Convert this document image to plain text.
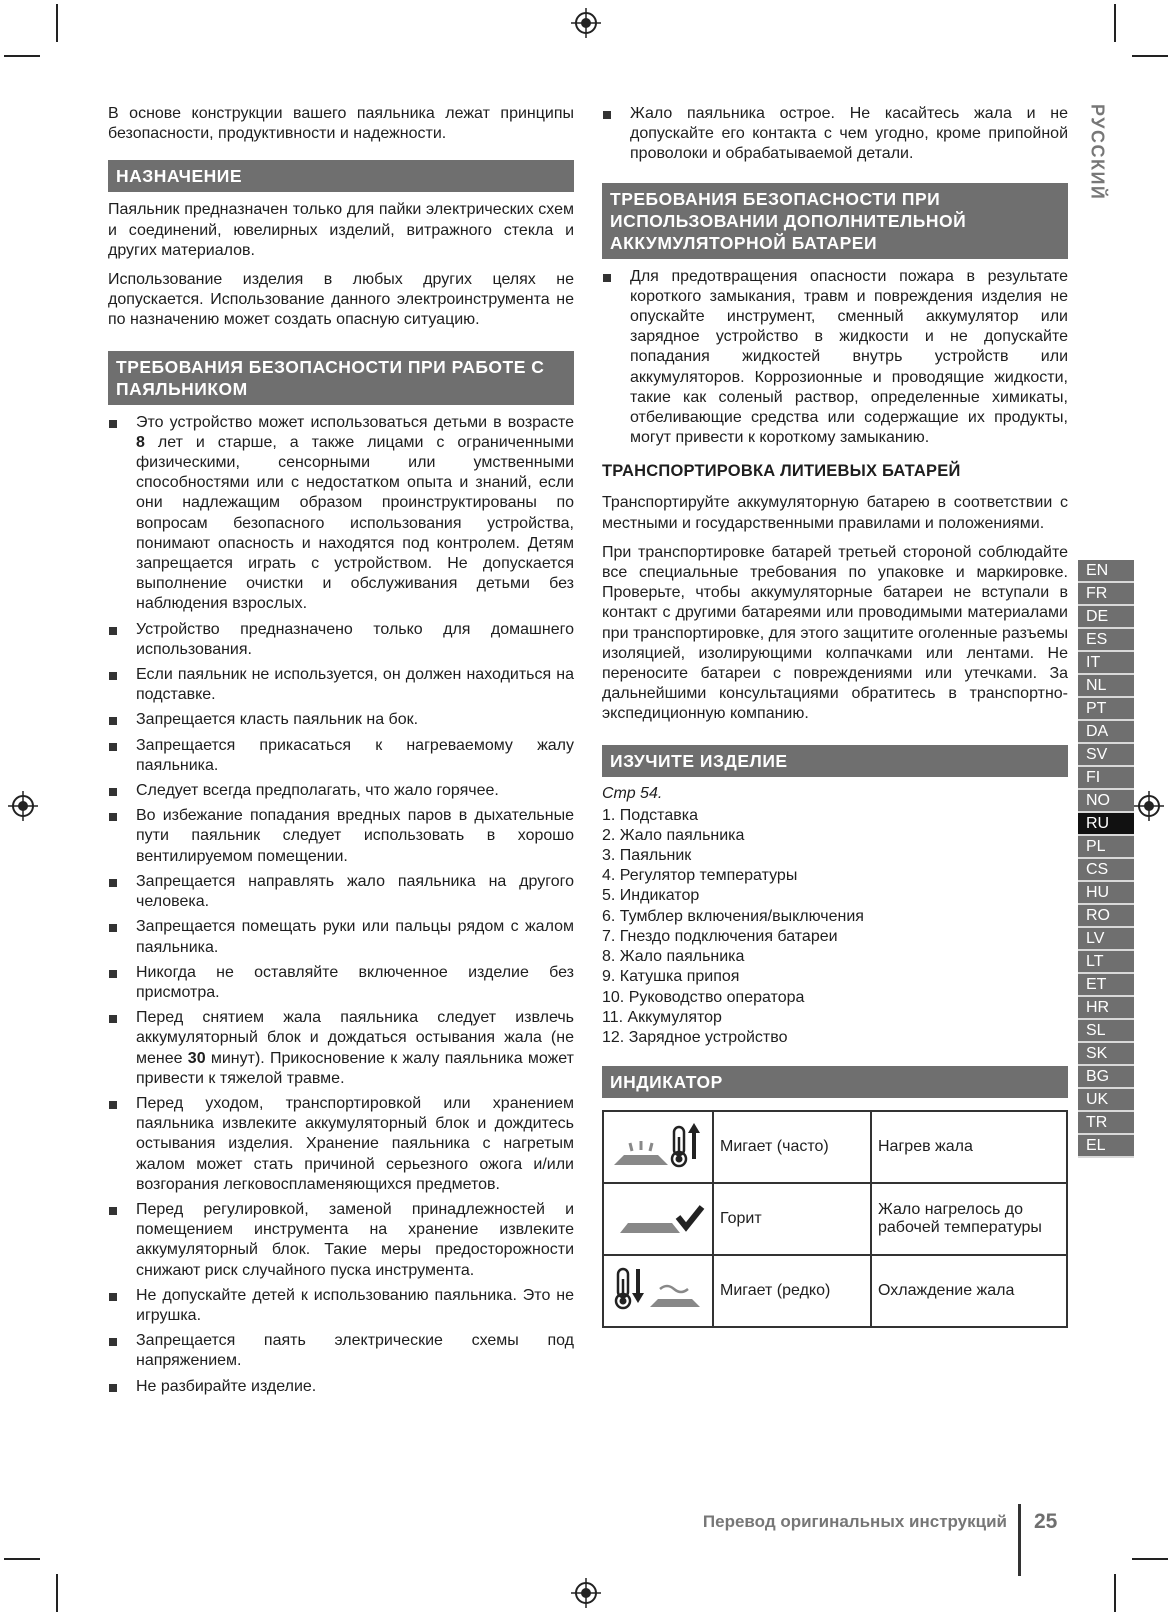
В основе конструкции вашего паяльника лежат принципы безопасности, продуктивности и надежности.

НАЗНАЧЕНИЕ

Паяльник предназначен только для пайки электрических схем и соединений, ювелирных изделий, витражного стекла и других материалов.

Использование изделия в любых других целях не допускается. Использование данного электроинструмента не по назначению может создать опасную ситуацию.

ТРЕБОВАНИЯ БЕЗОПАСНОСТИ ПРИ РАБОТЕ С ПАЯЛЬНИКОМ
Это устройство может использоваться детьми в возрасте 8 лет и старше, а также лицами с ограниченными физическими, сенсорными или умственными способностями или с недостатком опыта и знаний, если они надлежащим образом проинструктированы по вопросам безопасного использования устройства, понимают опасность и находятся под контролем. Детям запрещается играть с устройством. Не допускается выполнение очистки и обслуживания детьми без наблюдения взрослых.
Устройство предназначено только для домашнего использования.
Если паяльник не используется, он должен находиться на подставке.
Запрещается класть паяльник на бок.
Запрещается прикасаться к нагреваемому жалу паяльника.
Следует всегда предполагать, что жало горячее.
Во избежание попадания вредных паров в дыхательные пути паяльник следует использовать в хорошо вентилируемом помещении.
Запрещается направлять жало паяльника на другого человека.
Запрещается помещать руки или пальцы рядом с жалом паяльника.
Никогда не оставляйте включенное изделие без присмотра.
Перед снятием жала паяльника следует извлечь аккумуляторный блок и дождаться остывания жала (не менее 30 минут). Прикосновение к жалу паяльника может привести к тяжелой травме.
Перед уходом, транспортировкой или хранением паяльника извлеките аккумуляторный блок и дождитесь остывания изделия. Хранение паяльника с нагретым жалом может стать причиной серьезного ожога и/или возгорания легковоспламеняющихся предметов.
Перед регулировкой, заменой принадлежностей и помещением инструмента на хранение извлеките аккумуляторный блок. Такие меры предосторожности снижают риск случайного пуска инструмента.
Не допускайте детей к использованию паяльника. Это не игрушка.
Запрещается паять электрические схемы под напряжением.
Не разбирайте изделие.
Жало паяльника острое. Не касайтесь жала и не допускайте его контакта с чем угодно, кроме припойной проволоки и обрабатываемой детали.
ТРЕБОВАНИЯ БЕЗОПАСНОСТИ ПРИ ИСПОЛЬЗОВАНИИ ДОПОЛНИТЕЛЬНОЙ АККУМУЛЯТОРНОЙ БАТАРЕИ
Для предотвращения опасности пожара в результате короткого замыкания, травм и повреждения изделия не опускайте инструмент, сменный аккумулятор или зарядное устройство в жидкости и не допускайте попадания жидкостей внутрь устройств или аккумуляторов. Коррозионные и проводящие жидкости, такие как соленый раствор, определенные химикаты, отбеливающие средства или содержащие их продукты, могут привести к короткому замыканию.
ТРАНСПОРТИРОВКА ЛИТИЕВЫХ БАТАРЕЙ

Транспортируйте аккумуляторную батарею в соответствии с местными и государственными правилами и положениями.

При транспортировке батарей третьей стороной соблюдайте все специальные требования по упаковке и маркировке. Проверьте, чтобы аккумуляторные батареи не вступали в контакт с другими батареями или проводимыми материалами при транспортировке, для этого защитите оголенные разъемы изоляцией, изолирующими колпачками или лентами. Не переносите батареи с повреждениями или утечками. За дальнейшими консультациями обратитесь в транспортно-экспедиционную компанию.

ИЗУЧИТЕ ИЗДЕЛИЕ

Стр 54.

1. Подставка
2. Жало паяльника
3. Паяльник
4. Регулятор температуры
5. Индикатор
6. Тумблер включения/выключения
7. Гнездо подключения батареи
8. Жало паяльника
9. Катушка припоя
10. Руководство оператора
11. Аккумулятор
12. Зарядное устройство
ИНДИКАТОР
	Мигает (часто)	Нагрев жала
	Горит	Жало нагрелось до рабочей температуры
	Мигает (редко)	Охлаждение жала
РУССКИЙ
EN
FR
DE
ES
IT
NL
PT
DA
SV
FI
NO
RU
PL
CS
HU
RO
LV
LT
ET
HR
SL
SK
BG
UK
TR
EL
Перевод оригинальных инструкций 25
